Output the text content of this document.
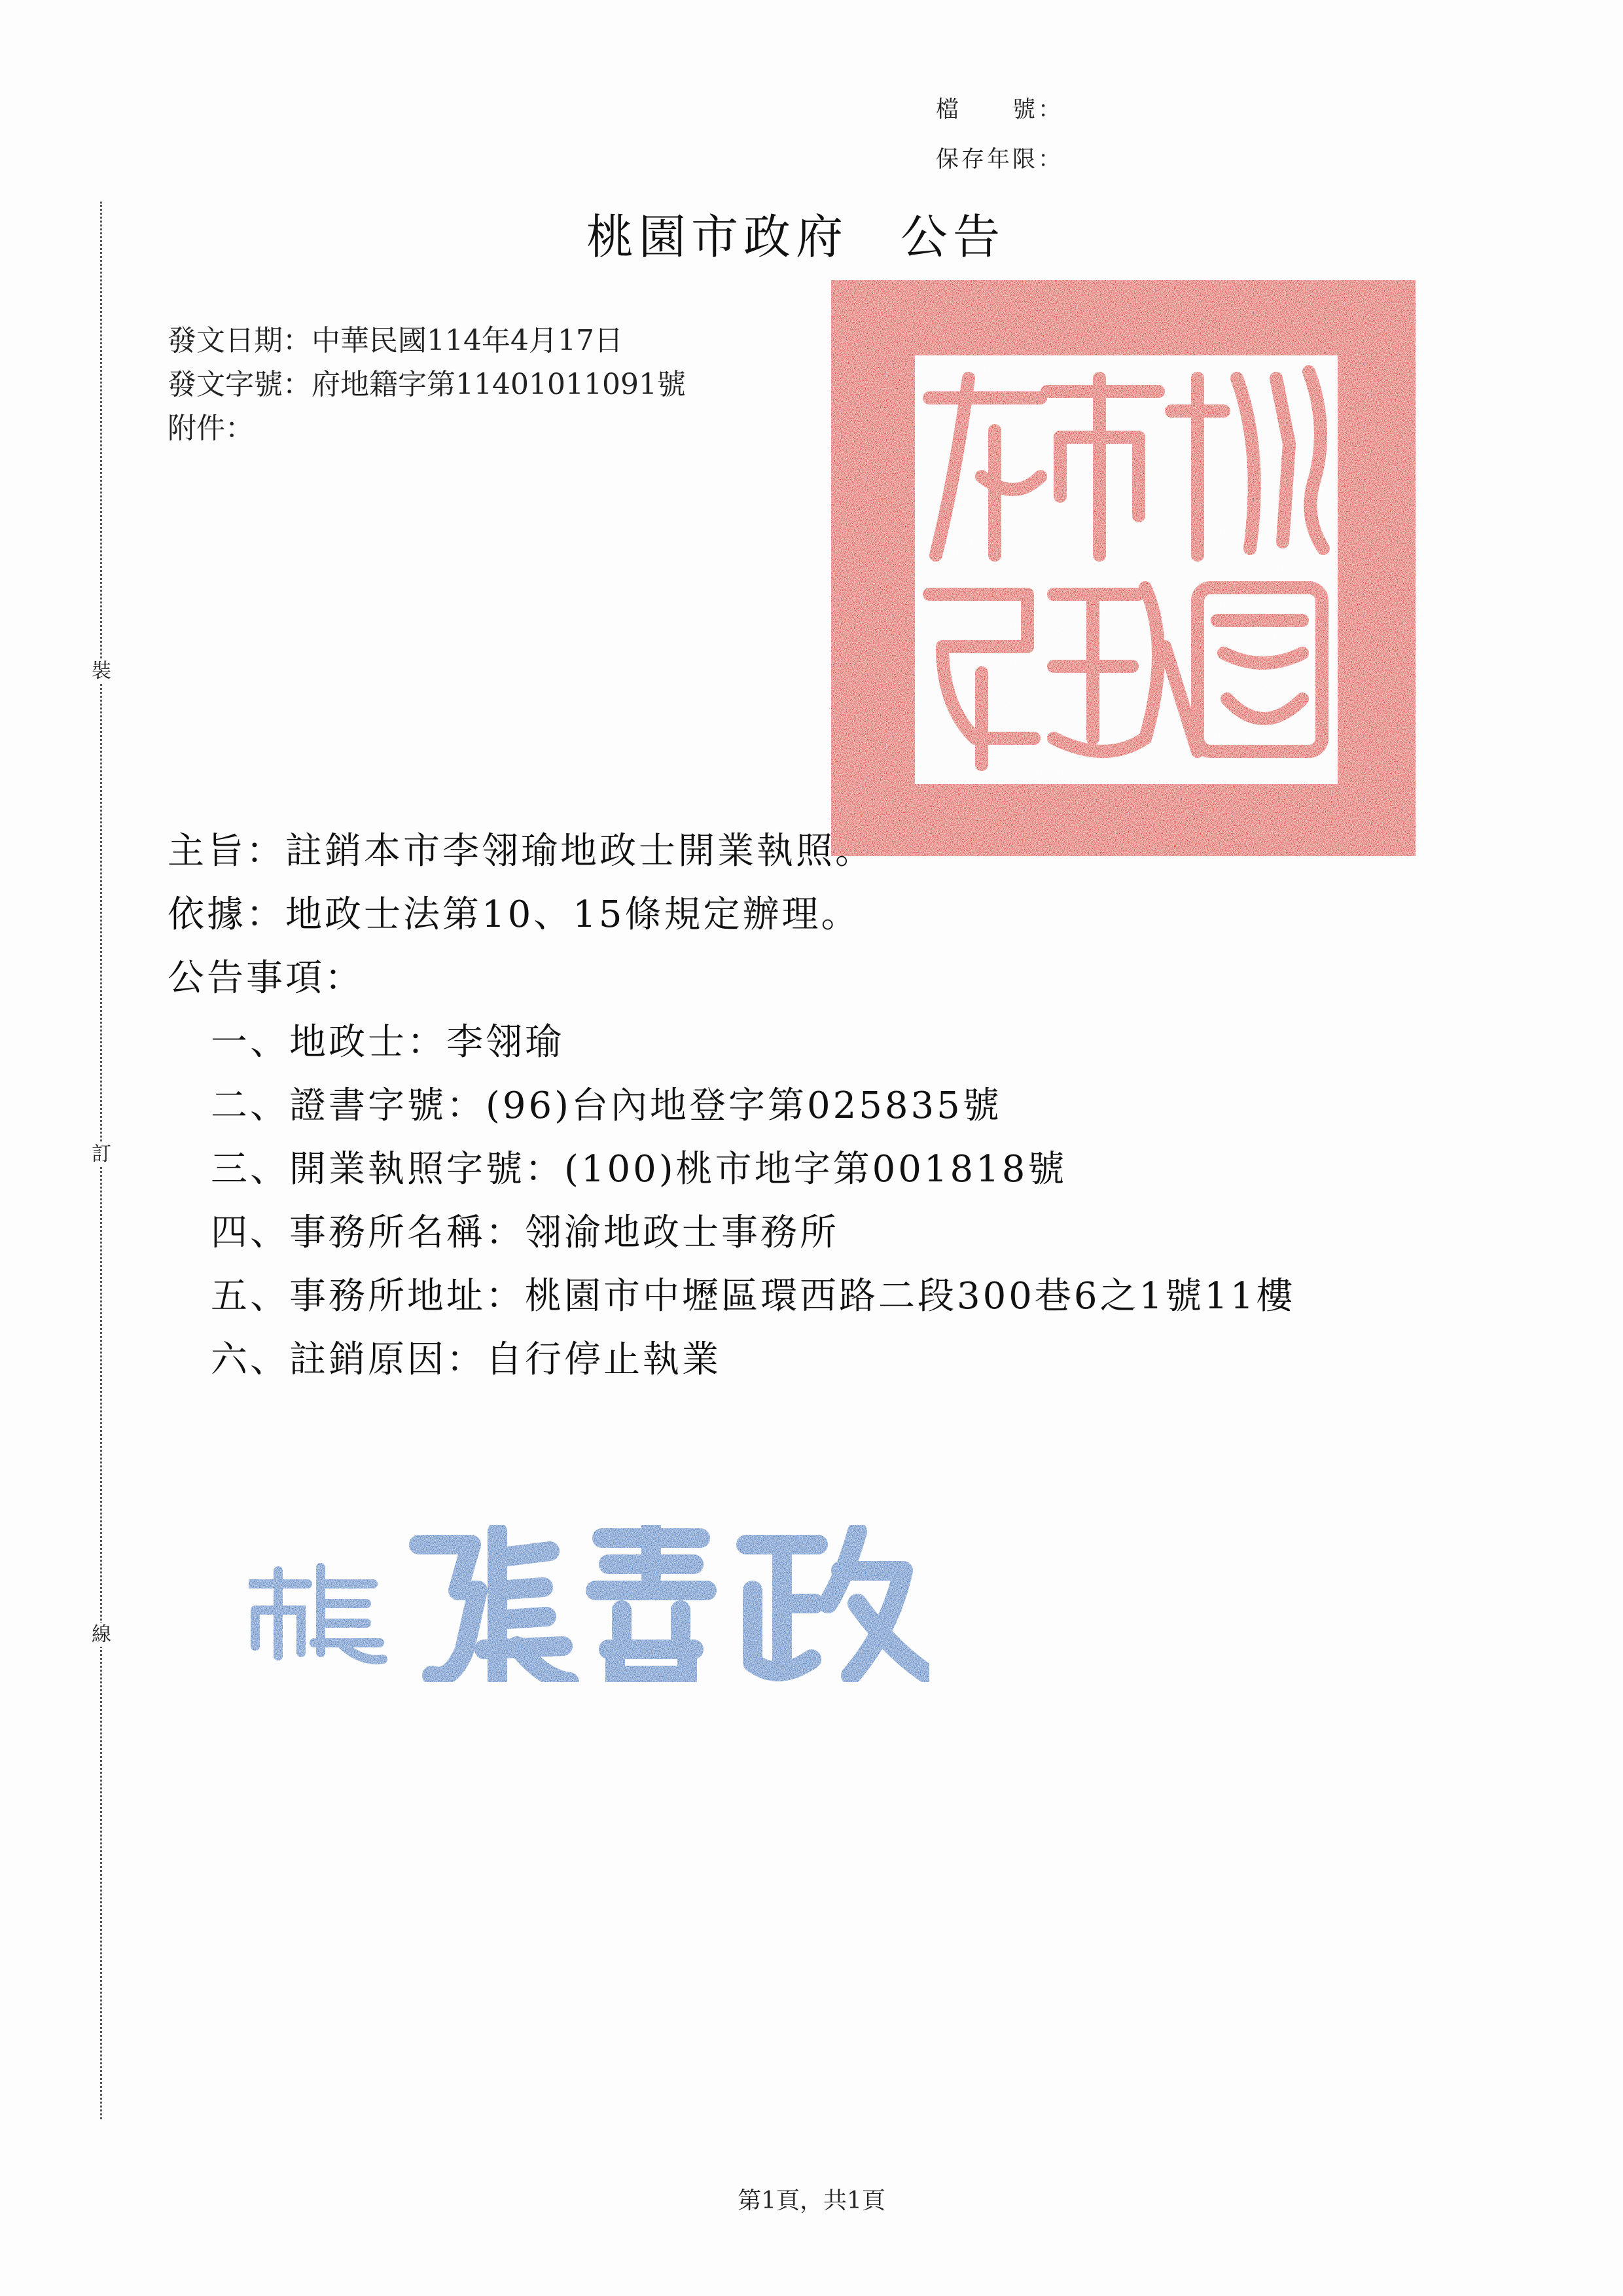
裝
訂
線
檔　　號：
保存年限：
桃園市政府　公告
發文日期：中華民國114年4月17日
發文字號：府地籍字第11401011091號
附件：
主旨：註銷本市李翎瑜地政士開業執照。
依據：地政士法第10、15條規定辦理。
公告事項：
一、地政士：李翎瑜
二、證書字號：(96)台內地登字第025835號
三、開業執照字號：(100)桃市地字第001818號
四、事務所名稱：翎渝地政士事務所
五、事務所地址：桃園市中壢區環西路二段300巷6之1號11樓
六、註銷原因：自行停止執業
第1頁，共1頁
